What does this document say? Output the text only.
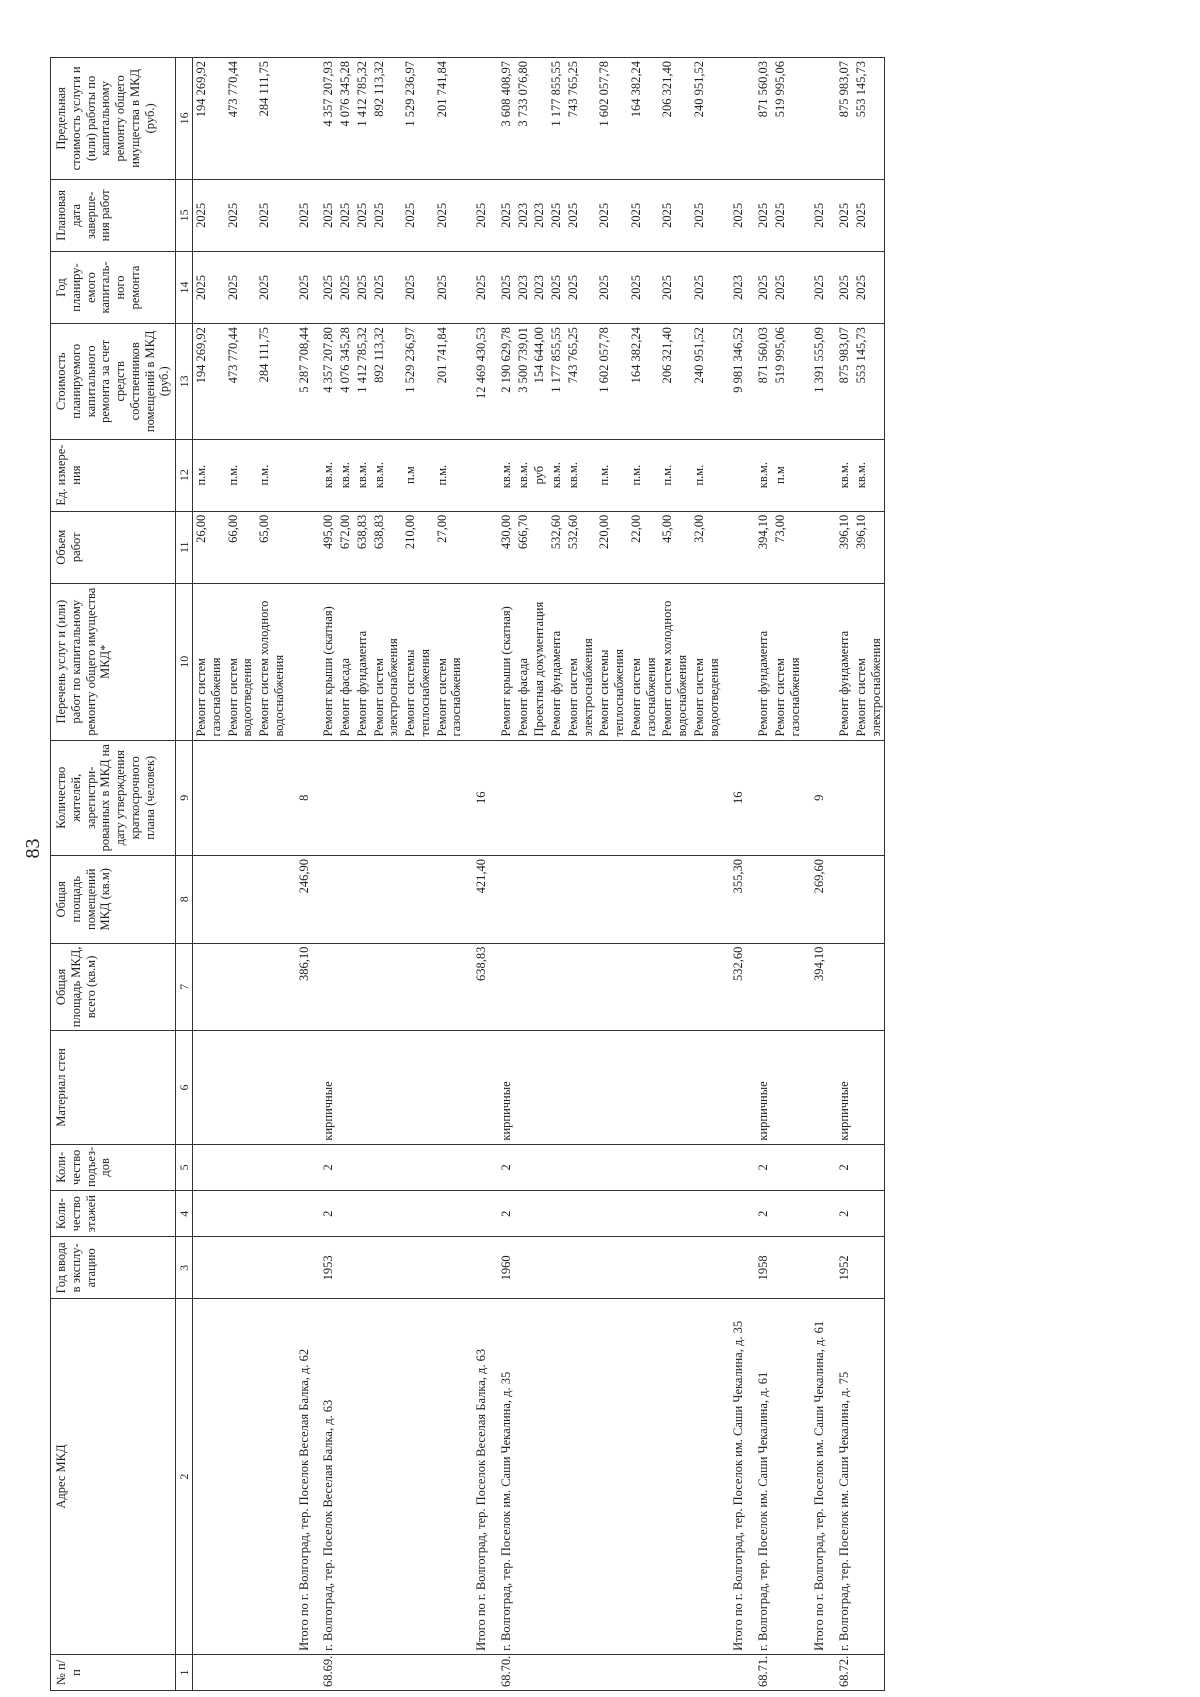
83
№ п/п	Адрес МКД	Год ввода в эксплу-атацию	Коли-чество этажей	Коли-чество подъез-дов	Материал стен	Общая площадь МКД, всего (кв.м)	Общая площадь помещений МКД (кв.м)	Количество жителей, зарегистри-рованных в МКД на дату утверждения краткосрочного плана (человек)	Перечень услуг и (или) работ по капитальному ремонту общего имущества МКД*	Объем работ	Ед. измере-ния	Стоимость планируемого капитального ремонта за счет средств собственников помещений в МКД (руб.)	Год планиру-емого капиталь-ного ремонта	Плановая дата заверше-ния работ	Предельная стоимость услуги и (или) работы по капитальному ремонту общего имущества в МКД (руб.)
1	2	3	4	5	6	7	8	9	10	11	12	13	14	15	16
									Ремонт систем газоснабжения	26,00	п.м.	194 269,92	2025	2025	194 269,92
									Ремонт систем водоотведения	66,00	п.м.	473 770,44	2025	2025	473 770,44
									Ремонт систем холодного водоснабжения	65,00	п.м.	284 111,75	2025	2025	284 111,75

	Итого по г. Волгоград, тер. Поселок Веселая Балка, д. 62					386,10	246,90	8				5 287 708,44	2025	2025	

68.69.	г. Волгоград, тер. Поселок Веселая Балка, д. 63	1953	2	2	кирпичные				Ремонт крыши (скатная)	495,00	кв.м.	4 357 207,80	2025	2025	4 357 207,93
									Ремонт фасада	672,00	кв.м.	4 076 345,28	2025	2025	4 076 345,28
									Ремонт фундамента	638,83	кв.м.	1 412 785,32	2025	2025	1 412 785,32
									Ремонт систем электроснабжения	638,83	кв.м.	892 113,32	2025	2025	892 113,32
									Ремонт системы теплоснабжения	210,00	п.м	1 529 236,97	2025	2025	1 529 236,97
									Ремонт систем газоснабжения	27,00	п.м.	201 741,84	2025	2025	201 741,84

	Итого по г. Волгоград, тер. Поселок Веселая Балка, д. 63					638,83	421,40	16				12 469 430,53	2025	2025	

68.70.	г. Волгоград, тер. Поселок им. Саши Чекалина, д. 35	1960	2	2	кирпичные				Ремонт крыши (скатная)	430,00	кв.м.	2 190 629,78	2025	2025	3 608 408,97
									Ремонт фасада	666,70	кв.м.	3 500 739,01	2023	2023	3 733 076,80
									Проектная документация		руб	154 644,00	2023	2023	
									Ремонт фундамента	532,60	кв.м.	1 177 855,55	2025	2025	1 177 855,55
									Ремонт систем электроснабжения	532,60	кв.м.	743 765,25	2025	2025	743 765,25
									Ремонт системы теплоснабжения	220,00	п.м.	1 602 057,78	2025	2025	1 602 057,78
									Ремонт систем газоснабжения	22,00	п.м.	164 382,24	2025	2025	164 382,24
									Ремонт систем холодного водоснабжения	45,00	п.м.	206 321,40	2025	2025	206 321,40
									Ремонт систем водоотведения	32,00	п.м.	240 951,52	2025	2025	240 951,52

	Итого по г. Волгоград, тер. Поселок им. Саши Чекалина, д. 35					532,60	355,30	16				9 981 346,52	2023	2025	

68.71.	г. Волгоград, тер. Поселок им. Саши Чекалина, д. 61	1958	2	2	кирпичные				Ремонт фундамента	394,10	кв.м.	871 560,03	2025	2025	871 560,03
									Ремонт систем газоснабжения	73,00	п.м	519 995,06	2025	2025	519 995,06

	Итого по г. Волгоград, тер. Поселок им. Саши Чекалина, д. 61					394,10	269,60	9				1 391 555,09	2025	2025	

68.72.	г. Волгоград, тер. Поселок им. Саши Чекалина, д. 75	1952	2	2	кирпичные				Ремонт фундамента	396,10	кв.м.	875 983,07	2025	2025	875 983,07
									Ремонт систем электроснабжения	396,10	кв.м.	553 145,73	2025	2025	553 145,73
